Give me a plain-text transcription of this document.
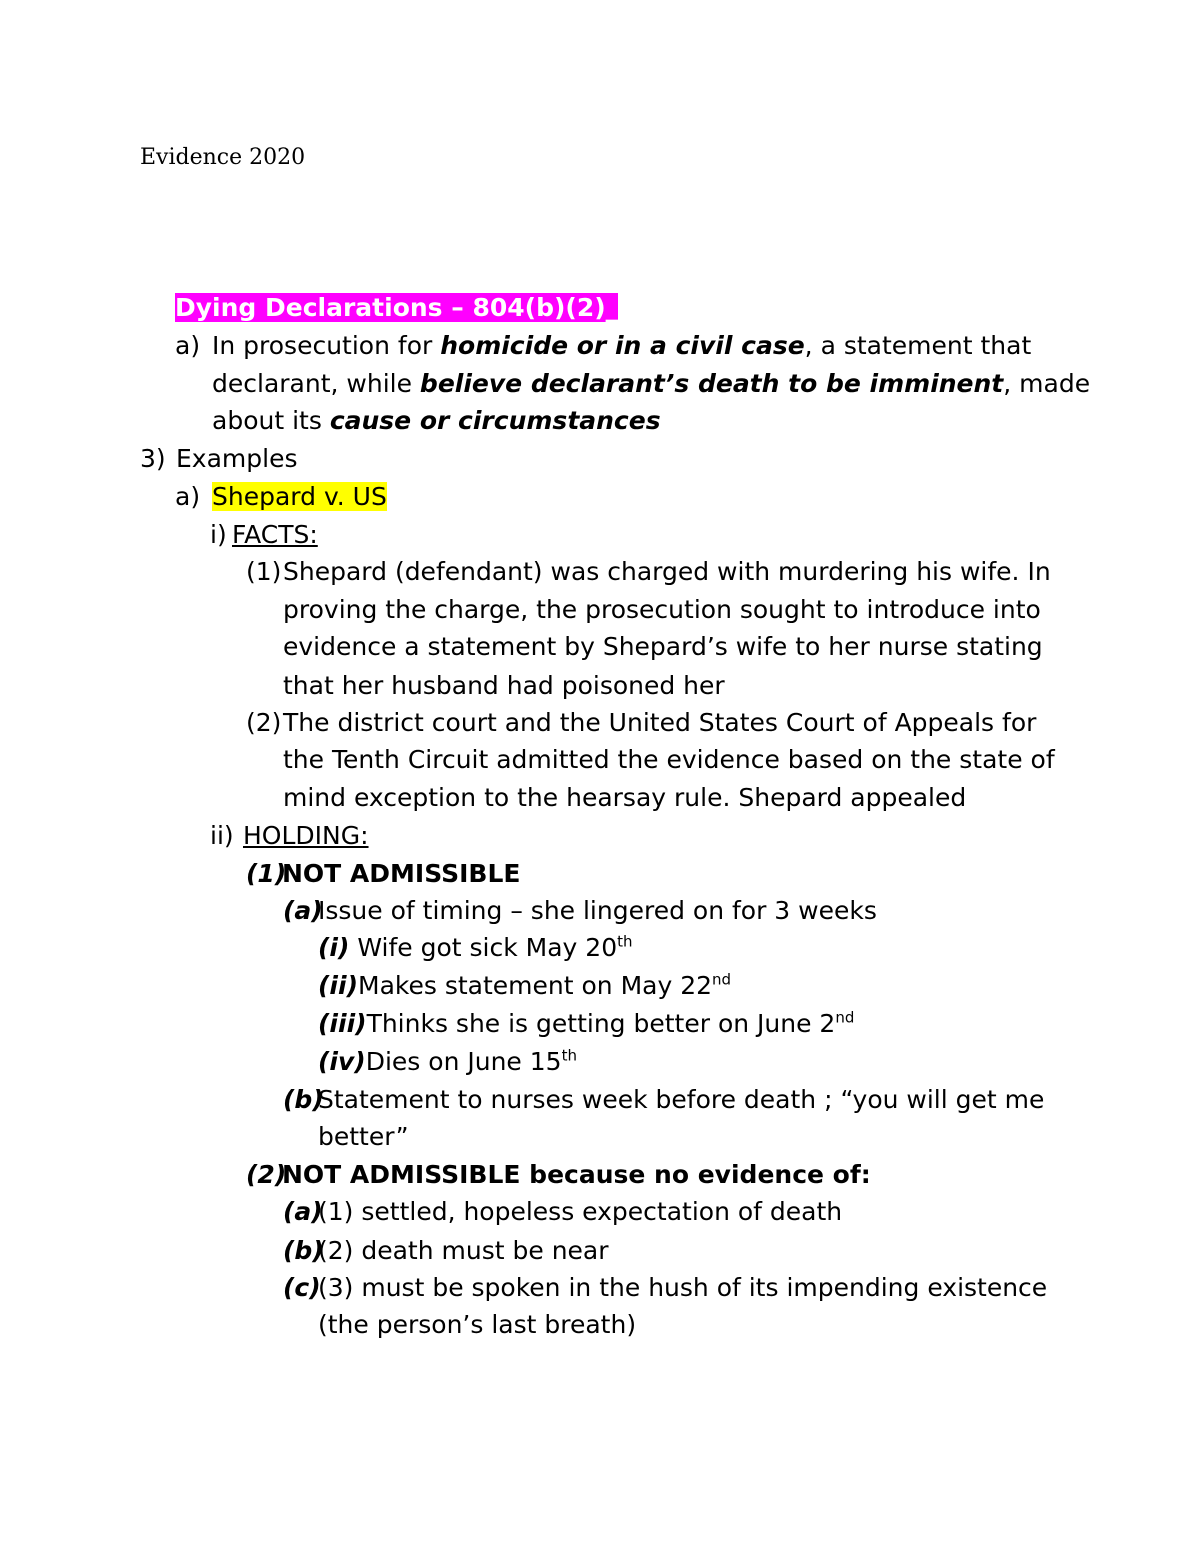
Evidence 2020
Dying Declarations – 804(b)(2)_
a) In prosecution for homicide or in a civil case, a statement that
declarant, while believe declarant’s death to be imminent, made
about its cause or circumstances
3) Examples
a) Shepard v. US
i) FACTS:
(1)Shepard (defendant) was charged with murdering his wife. In
proving the charge, the prosecution sought to introduce into
evidence a statement by Shepard’s wife to her nurse stating
that her husband had poisoned her
(2)The district court and the United States Court of Appeals for
the Tenth Circuit admitted the evidence based on the state of
mind exception to the hearsay rule. Shepard appealed
ii) HOLDING:
(1)NOT ADMISSIBLE
(a)Issue of timing – she lingered on for 3 weeks
(i) Wife got sick May 20th
(ii)Makes statement on May 22nd
(iii)Thinks she is getting better on June 2nd
(iv)Dies on June 15th
(b)Statement to nurses week before death ; “you will get me
better”
(2)NOT ADMISSIBLE because no evidence of:
(a)(1) settled, hopeless expectation of death
(b)(2) death must be near
(c)(3) must be spoken in the hush of its impending existence
(the person’s last breath)
